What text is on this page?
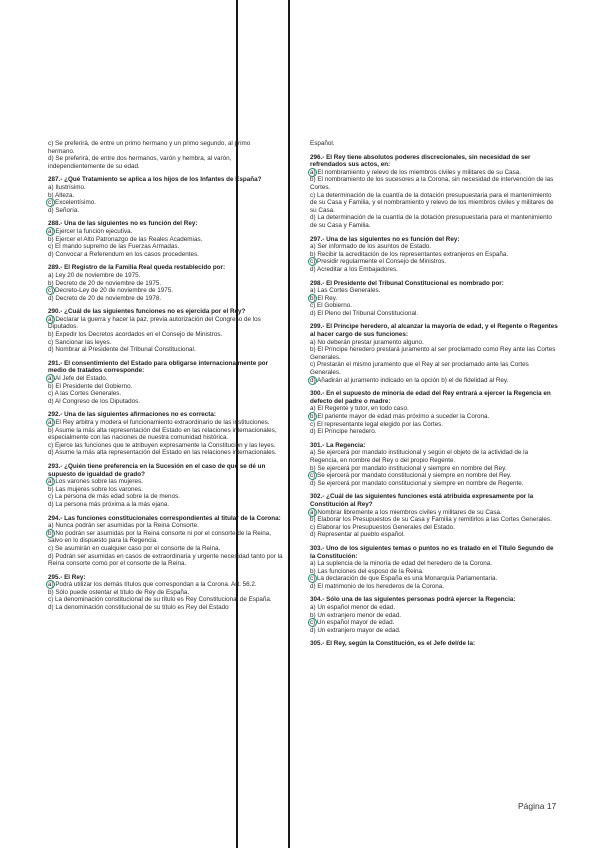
c) Se preferirá, de entre un primo hermano y un primo segundo, al primo
hermano.
d) Se preferirá, de entre dos hermanos, varón y hembra, al varón,
independientemente de su edad.
287.- ¿Qué Tratamiento se aplica a los hijos de los Infantes de España?
a) Ilustrísimo.
b) Alteza.
c) Excelentísimo.
d) Señoría.
288.- Una de las siguientes no es función del Rey:
a) Ejercer la función ejecutiva.
b) Ejercer el Alto Patronazgo de las Reales Academias.
c) El mando supremo de las Fuerzas Armadas.
d) Convocar a Referendum en los casos procedentes.
289.- El Registro de la Familia Real queda restablecido por:
a) Ley 20 de noviembre de 1975.
b) Decreto de 20 de noviembre de 1975.
c) Decreto-Ley de 20 de noviembre de 1975.
d) Decreto de 20 de noviembre de 1978.
290.- ¿Cuál de las siguientes funciones no es ejercida por el Rey?
a) Declarar la guerra y hacer la paz, previa autorización del Congreso de los Diputados.
b) Expedir los Decretos acordados en el Consejo de Ministros.
c) Sancionar las leyes.
d) Nombrar al Presidente del Tribunal Constitucional.
291.- El consentimiento del Estado para obligarse internacionalmente por medio de tratados corresponde:
a) Al Jefe del Estado.
b) El Presidente del Gobierno.
c) A las Cortes Generales.
d) Al Congreso de los Diputados.
292.- Una de las siguientes afirmaciones no es correcta:
a) El Rey arbitra y modera el funcionamiento extraordinario de las instituciones.
b) Asume la más alta representación del Estado en las relaciones internacionales, especialmente con las naciones de nuestra comunidad histórica.
c) Ejerce las funciones que le atribuyen expresamente la Constitución y las leyes.
d) Asume la más alta representación del Estado en las relaciones internacionales.
293.- ¿Quién tiene preferencia en la Sucesión en el caso de que se dé un supuesto de igualdad de grado?
a) Los varones sobre las mujeres.
b) Las mujeres sobre los varones.
c) La persona de más edad sobre la de menos.
d) La persona más próxima a la más ejana.
294.- Las funciones constitucionales correspondientes al titular de la Corona:
a) Nunca podrán ser asumidas por la Reina Consorte.
b) No podrán ser asumidas por la Reina consorte ni por el consorte de la Reina, salvo en lo dispuesto para la Regencia.
c) Se asumirán en cualquier caso por el consorte de la Reina.
d) Podrán ser asumidas en casos de extraordinaria y urgente necesidad tanto por la Reina consorte como por el consorte de la Reina.
295.- El Rey:
a) Podrá utilizar los demás títulos que correspondan a la Corona. Art. 56.2.
b) Sólo puede ostentar el título de Rey de España.
c) La denominación constitucional de su título es Rey Constitucional de España.
d) La denominación constitucional de su título es Rey del Estado
Español.
296.- El Rey tiene absolutos poderes discrecionales, sin necesidad de ser refrendados sus actos, en:
a) El nombramiento y relevo de los miembros civiles y militares de su Casa.
b) El nombramiento de los sucesores a la Corona, sin necesidad de intervención de las Cortes.
c) La determinación de la cuantía de la dotación presupuestaria para el mantenimiento de su Casa y Familia, y el nombramiento y relevo de los miembros civiles y militares de su Casa.
d) La determinación de la cuantía de la dotación presupuestaria para el mantenimiento de su Casa y Familia.
297.- Una de las siguientes no es función del Rey:
a) Ser informado de los asuntos de Estado.
b) Recibir la acreditación de los representantes extranjeros en España.
c) Presidir regularmente el Consejo de Ministros.
d) Acreditar a los Embajadores.
298.- El Presidente del Tribunal Constitucional es nombrado por:
a) Las Cortes Generales.
b) El Rey.
c) El Gobierno.
d) El Pleno del Tribunal Constitucional.
299.- El Príncipe heredero, al alcanzar la mayoría de edad, y el Regente o Regentes al hacer cargo de sus funciones:
a) No deberán prestar juramento alguno.
b) El Príncipe heredero prestará juramento al ser proclamado como Rey ante las Cortes Generales.
c) Prestarán el mismo juramento que el Rey al ser proclamado ante las Cortes Generales.
d) Añadirán al juramento indicado en la opción b) el de fidelidad al Rey.
300.- En el supuesto de minoría de edad del Rey entrará a ejercer la Regencia en defecto del padre o madre:
a) El Regente y tutor, en todo caso.
b) El pariente mayor de edad más próximo a suceder la Corona.
c) El representante legal elegido por las Cortes.
d) El Príncipe heredero.
301.- La Regencia:
a) Se ejercerá por mandato institucional y según el objeto de la actividad de la Regencia, en nombre del Rey o del propio Regente.
b) Se ejercerá por mandato institucional y siempre en nombre del Rey.
c) Se ejercerá por mandato constitucional y siempre en nombre del Rey.
d) Se ejercerá por mandato constitucional y siempre en nombre de Regente.
302.- ¿Cuál de las siguientes funciones está atribuida expresamente por la Constitución al Rey?
a) Nombrar libremente a los miembros civiles y militares de su Casa.
b) Elaborar los Presupuestos de su Casa y Familia y remitirlos a las Cortes Generales.
c) Elaborar los Presupuestos Generales del Estado.
d) Representar al pueblo español.
303.- Uno de los siguientes temas o puntos no es tratado en el Título Segundo de la Constitución:
a) La suplencia de la minoría de edad del heredero de la Corona.
b) Las funciones del esposo de la Reina.
c) La declaración de que España es una Monarquía Parlamentaria.
d) El matrimonio de los herederos de la Corona.
304.- Sólo una de las siguientes personas podrá ejercer la Regencia:
a) Un español menor de edad.
b) Un extranjero menor de edad.
c) Un español mayor de edad.
d) Un extranjero mayor de edad.
305.- El Rey, según la Constitución, es el Jefe del/de la:
Página 17
